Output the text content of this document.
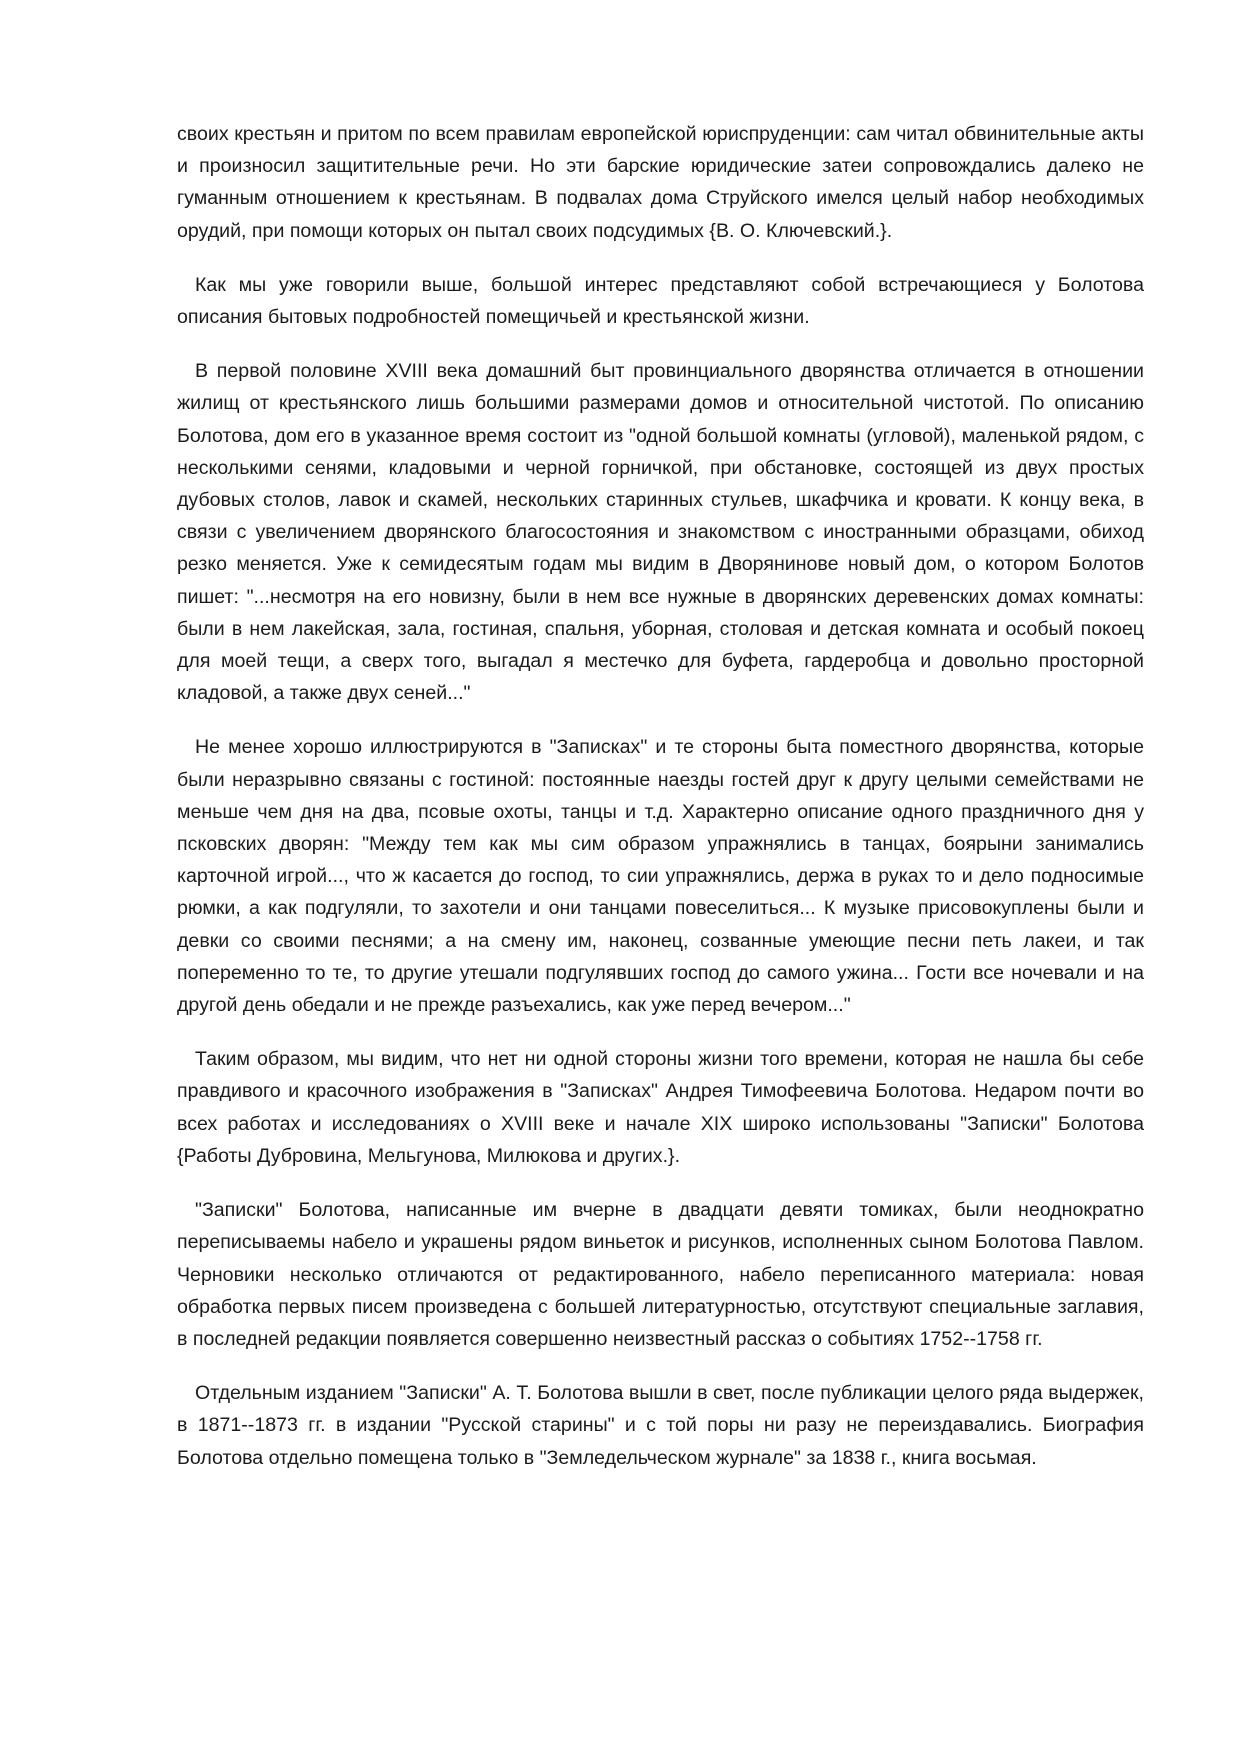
своих крестьян и притом по всем правилам европейской юриспруденции: сам читал обвинительные акты и произносил защитительные речи. Но эти барские юридические затеи сопровождались далеко не гуманным отношением к крестьянам. В подвалах дома Струйского имелся целый набор необходимых орудий, при помощи которых он пытал своих подсудимых {В. О. Ключевский.}.

Как мы уже говорили выше, большой интерес представляют собой встречающиеся у Болотова описания бытовых подробностей помещичьей и крестьянской жизни.

В первой половине XVIII века домашний быт провинциального дворянства отличается в отношении жилищ от крестьянского лишь большими размерами домов и относительной чистотой. По описанию Болотова, дом его в указанное время состоит из "одной большой комнаты (угловой), маленькой рядом, с несколькими сенями, кладовыми и черной горничкой, при обстановке, состоящей из двух простых дубовых столов, лавок и скамей, нескольких старинных стульев, шкафчика и кровати. К концу века, в связи с увеличением дворянского благосостояния и знакомством с иностранными образцами, обиход резко меняется. Уже к семидесятым годам мы видим в Дворянинове новый дом, о котором Болотов пишет: "...несмотря на его новизну, были в нем все нужные в дворянских деревенских домах комнаты: были в нем лакейская, зала, гостиная, спальня, уборная, столовая и детская комната и особый покоец для моей тещи, а сверх того, выгадал я местечко для буфета, гардеробца и довольно просторной кладовой, а также двух сеней..."

Не менее хорошо иллюстрируются в "Записках" и те стороны быта поместного дворянства, которые были неразрывно связаны с гостиной: постоянные наезды гостей друг к другу целыми семействами не меньше чем дня на два, псовые охоты, танцы и т.д. Характерно описание одного праздничного дня у псковских дворян: "Между тем как мы сим образом упражнялись в танцах, боярыни занимались карточной игрой..., что ж касается до господ, то сии упражнялись, держа в руках то и дело подносимые рюмки, а как подгуляли, то захотели и они танцами повеселиться... К музыке присовокуплены были и девки со своими песнями; а на смену им, наконец, созванные умеющие песни петь лакеи, и так попеременно то те, то другие утешали подгулявших господ до самого ужина... Гости все ночевали и на другой день обедали и не прежде разъехались, как уже перед вечером..."

Таким образом, мы видим, что нет ни одной стороны жизни того времени, которая не нашла бы себе правдивого и красочного изображения в "Записках" Андрея Тимофеевича Болотова. Недаром почти во всех работах и исследованиях о XVIII веке и начале XIX широко использованы "Записки" Болотова {Работы Дубровина, Мельгунова, Милюкова и других.}.

"Записки" Болотова, написанные им вчерне в двадцати девяти томиках, были неоднократно переписываемы набело и украшены рядом виньеток и рисунков, исполненных сыном Болотова Павлом. Черновики несколько отличаются от редактированного, набело переписанного материала: новая обработка первых писем произведена с большей литературностью, отсутствуют специальные заглавия, в последней редакции появляется совершенно неизвестный рассказ о событиях 1752--1758 гг.

Отдельным изданием "Записки" А. Т. Болотова вышли в свет, после публикации целого ряда выдержек, в 1871--1873 гг. в издании "Русской старины" и с той поры ни разу не переиздавались. Биография Болотова отдельно помещена только в "Земледельческом журнале" за 1838 г., книга восьмая.
